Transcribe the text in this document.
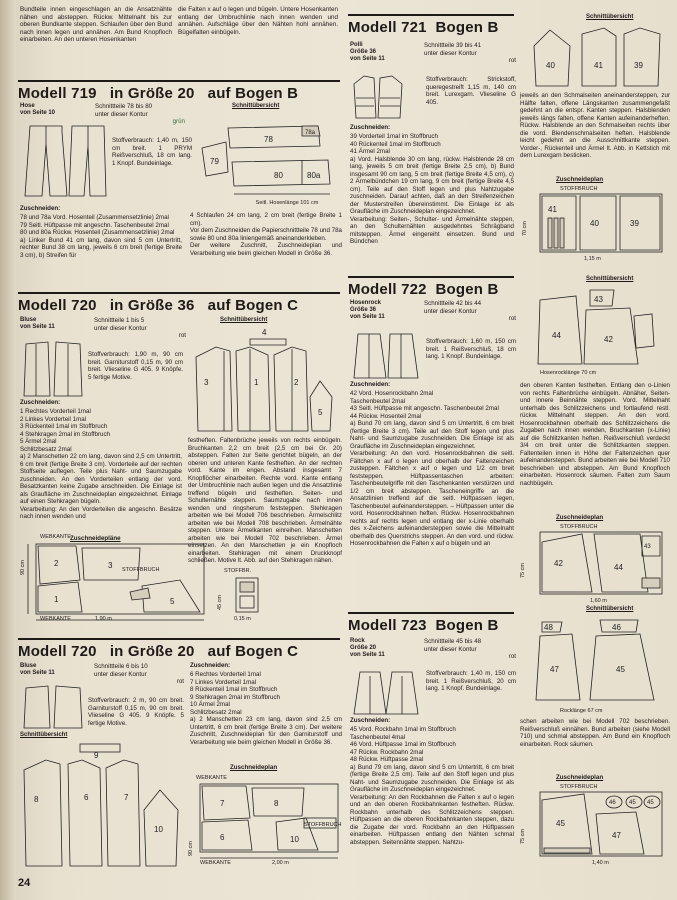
Bundteile innen eingeschlagen an die Ansatznähte nähen und absteppen. Rückw. Mittelnaht bis zur oberen Bundkante steppen. Schlaufen über den Bund nach innen legen und annähen. Am Bund Knopfloch einarbeiten. An den unteren Hosenkanten

die Falten x auf o legen und bügeln. Untere Hosenkanten entlang der Umbruchlinie nach innen wenden und annähen. Aufschläge über den Nähten hohl annähen. Bügelfalten einbügeln.

Modell 719 in Größe 20 auf Bogen B
Hose
von Seite 10
Schnittteile 78 bis 80
unter dieser Kontur
grün
Schnittübersicht

Stoffverbrauch: 1,40 m, 150 cm breit. 1 PRYM Reißverschluß, 18 cm lang. 1 Knopf. Bundeinlage.	79
78
78a
80	80a
Seitl. Hosenlänge 101 cm

Zuschneiden:

78 und 78a Vord. Hosenteil (Zusammensetzlinie) 2mal
79 Seitl. Hüftpasse mit angeschn. Taschenbeutel 2mal
80 und 80a Rückw. Hosenteil (Zusammensetzlinie) 2mal
a) Linker Bund 41 cm lang, davon sind 5 cm Untertritt, rechter Bund 38 cm lang, jeweils 6 cm breit (fertige Breite 3 cm), b) Streifen für

4 Schlaufen 24 cm lang, 2 cm breit (fertige Breite 1 cm).
Vor dem Zuschneiden die Papierschnittteile 78 und 78a sowie 80 und 80a liniengemäß aneinanderkleben.
Der weitere Zuschnitt, Zuschneideplan und Verarbeitung wie beim gleichen Modell in Größe 36.

Modell 720 in Größe 36 auf Bogen C
Bluse
von Seite 11
Schnittteile 1 bis 5
unter dieser Kontur
rot
Schnittübersicht

Stoffverbrauch: 1,90 m, 90 cm breit. Garniturstoff 0,15 m, 90 cm breit. Vlieseline G 405. 9 Knöpfe. 5 fertige Motive.

4
3	1	2
5

Zuschneiden:

1 Rechtes Vorderteil 1mal
2 Linkes Vorderteil 1mal
3 Rückenteil 1mal im Stoffbruch
4 Stehkragen 2mal im Stoffbruch
5 Ärmel 2mal
Schlitzbesatz 2mal
a) 2 Manschetten 22 cm lang, davon sind 2,5 cm Untertritt, 6 cm breit (fertige Breite 3 cm). Vorderteile auf der rechten Stoffseite auflegen. Teile plus Naht- und Saumzugabe zuschneiden. An den Vorderteilen entlang der vord. Besatzkanten keine Zugabe anschneiden. Die Einlage ist als Graufläche im Zuschneideplan eingezeichnet. Einlage auf einen Stehkragen bügeln.
Verarbeitung: An den Vorderteilen die angeschn. Besätze nach innen wenden und

festheften. Faltenbrüche jeweils von rechts einbügeln. Bruchkanten 2,2 cm breit (2,5 cm bei Gr. 20) absteppen. Falten zur Seite gerichtet bügeln, an der oberen und unteren Kante festheften. An der rechten vord. Kante im engen. Abstand insgesamt 7 Knopflöcher einarbeiten. Rechte vord. Kante entlang der Umbruchlinie nach außen legen und die Ansatzlinie treffend bügeln und festheften. Seiten- und Schulternähte steppen. Saumzugabe nach innen wenden und ringsherum feststeppen. Stehkragen arbeiten wie bei Modell 706 beschrieben. Ärmelschlitz arbeiten wie bei Modell 708 beschrieben. Ärmelnähte steppen. Untere Ärmelkanten einreihen. Manschetten arbeiten wie bei Modell 702 beschrieben. Ärmel einsetzen. An den Manschetten je ein Knopfloch einarbeiten. Stehkragen mit einem Druckknopf schließen. Motive lt. Abb. auf den Stehkragen nähen.

Zuschneidepläne
WEBKANTE
2
1
3
5
STOFFBRUCH
90 cm
WEBKANTE	1,90 m
STOFFBR.
45 cm
0,15 m
Modell 720 in Größe 20 auf Bogen C
Bluse
von Seite 11
Schnittteile 6 bis 10
unter dieser Kontur
rot

Stoffverbrauch: 2 m, 90 cm breit. Garniturstoff 0,15 m, 90 cm breit. Vlieseline G 405. 9 Knöpfe. 5 fertige Motive.

Schnittübersicht
8	6	7
10
9

Zuschneiden:

6 Rechtes Vorderteil 1mal
7 Linkes Vorderteil 1mal
8 Rückenteil 1mal im Stoffbruch
9 Stehkragen 2mal im Stoffbruch
10 Ärmel 2mal
Schlitzbesatz 2mal
a) 2 Manschetten 23 cm lang, davon sind 2,5 cm Untertritt, 6 cm breit (fertige Breite 3 cm). Der weitere Zuschnitt, Zuschneideplan für den Garniturstoff und Verarbeitung wie beim gleichen Modell in Größe 36.

Zuschneideplan
WEBKANTE
7
6
8
10
STOFFBRUCH
90 cm
WEBKANTE	2,00 m
24
Modell 721 Bogen B
Polli
Größe 36
von Seite 11
Schnittteile 39 bis 41
unter dieser Kontur
rot

Stoffverbrauch: Strickstoff, queregestreift 1,15 m, 140 cm breit. Lurexgarn. Vlieseline G 405.

Zuschneiden:

39 Vorderteil 1mal im Stoffbruch
40 Rückenteil 1mal im Stoffbruch
41 Ärmel 2mal
a) Vord. Halsblende 30 cm lang, rückw. Halsblende 28 cm lang, jeweils 5 cm breit (fertige Breite 2,5 cm), b) Bund insgesamt 90 cm lang, 5 cm breit (fertige Breite 4,5 cm), c) 2 Ärmelbündchen 19 cm lang, 9 cm breit (fertige Breite 4,5 cm). Teile auf den Stoff legen und plus Nahtzugabe zuschneiden. Darauf achten, daß an den Streifenzeichen der Musterstreifen übereinstimmt. Die Einlage ist als Graufläche im Zuschneideplan eingezeichnet.
Verarbeitung: Seiten-, Schulter- und Ärmelnähte steppen, an den Schulternähten ausgedehntes Schrägband mitsteppen. Ärmel eingereiht einsetzen. Bund und Bündchen

Schnittübersicht
40	41	39

jeweils an den Schmalseiten aneinandersteppen, zur Hälfte falten, offene Längskanten zusammengefaßt gedehnt an die entspr. Kanten steppen. Halsblenden jeweils längs falten, offene Kanten aufeinanderheften. Rückw. Halsblende an den Schmalseiten rechts über die vord. Blendenschmalseiten heften. Halsblende leicht gedehnt an die Ausschnittkante steppen. Vorder-, Rückenteil und Ärmel lt. Abb. in Kettstich mit dem Lurexgarn besticken.

Zuschneideplan
STOFFBRUCH
41
40	39
70 cm
1,15 m
Modell 722 Bogen B
Hosenrock
Größe 36
von Seite 11
Schnittteile 42 bis 44
unter dieser Kontur
rot

Stoffverbrauch: 1,60 m, 150 cm breit. 1 Reißverschluß, 18 cm lang. 1 Knopf. Bundeinlage.

Zuschneiden:

42 Vord. Hosenrockbahn 2mal
Taschenbeutel 2mal
43 Seitl. Hüftpasse mit angeschn. Taschenbeutel 2mal
44 Rückw. Hosenteil 2mal
a) Bund 70 cm lang, davon sind 5 cm Untertritt, 6 cm breit (fertige Breite 3 cm). Teile auf den Stoff legen und plus Naht- und Saumzugabe zuschneiden. Die Einlage ist als Graufläche im Zuschneideplan eingezeichnet.
Verarbeitung: An den vord. Hosenrockbahnen die seitl. Fältchen x auf o legen und oberhalb der Faltenzeichen zusteppen. Fältchen x auf o legen und 1/2 cm breit feststeppen. Hüftpassentaschen arbeiten: Taschenbeutelgriffe mit den Taschenkanten verstürzen und 1/2 cm breit absteppen. Tascheneingriffe an die Ansatzlinien treffend auf die seitl. Hüftpassen legen, Taschenbeutel aufeinandersteppen. – Hüftpassen unter die vord. Hosenrockbahnen heften. Rückw. Hosenrockbahnen rechts auf rechts legen und entlang der x-Linie oberhalb des x-Zeichens aufeinandersteppen sowie die Mittelnaht oberhalb des Querstrichs steppen. An den vord. und rückw. Hosenrockbahnen die Falten x auf o bügeln und an

Schnittübersicht
44
43
42
Hosenrocklänge 70 cm

den oberen Kanten festheften. Entlang den o-Linien von rechts Faltenbrüche einbügeln. Abnäher, Seiten- und innere Beinnähte steppen. Vord. Mittelnaht unterhalb des Schlitzzeichens und fortlaufend restl. rückw. Mittelnaht steppen. An den vord. Hosenrockbahnen oberhalb des Schlitzzeichens die Zugaben nach innen wenden, Bruchkanten (x-Linie) auf die Schlitzkanten heften. Reißverschluß verdeckt 3/4 cm breit unter die Schlitzkanten steppen. Faltenteilen innen in Höhe der Faltenzeichen quer aufeinandersteppen. Bund arbeiten wie bei Modell 710 beschrieben und absteppen. Am Bund Knopfloch einarbeiten. Hosenrock säumen. Falten zum Saum nachbügeln.

Zuschneideplan
STOFFBRUCH
42	44
43
75 cm
1,60 m
Modell 723 Bogen B
Rock
Größe 20
von Seite 11
Schnittteile 45 bis 48
unter dieser Kontur
rot

Stoffverbrauch: 1,40 m, 150 cm breit. 1 Reißverschluß, 20 cm lang. 1 Knopf. Bundeinlage.

Zuschneiden:

45 Vord. Rockbahn 1mal im Stoffbruch
Taschenbeutel 4mal
46 Vord. Hüftpasse 1mal im Stoffbruch
47 Rückw. Rockbahn 2mal
48 Rückw. Hüftpasse 2mal
a) Bund 79 cm lang, davon sind 5 cm Untertritt, 6 cm breit (fertige Breite 2,5 cm). Teile auf den Stoff legen und plus Naht- und Saumzugabe zuschneiden. Die Einlage ist als Graufläche im Zuschneideplan eingezeichnet.
Verarbeitung: An den Rockbahnen die Falten x auf o legen und an den oberen Rockbahnkanten festheften. Rückw. Rockbahn unterhalb des Schlitzzeichens steppen. Hüftpassen an die oberen Rockbahnkanten steppen, dazu die Zugabe der vord. Rockbahn an den Hüftpassen einarbeiten. Hüftpassen entlang den Nähten schmal absteppen. Seitennähte steppen. Nahtzu-

Schnittübersicht
48
47
46
45
Rocklänge 67 cm

schen arbeiten wie bei Modell 702 beschrieben. Reißverschluß einnähen. Bund arbeiten (siehe Modell 710) und schmal absteppen. Am Bund ein Knopfloch einarbeiten. Rock säumen.

Zuschneideplan
STOFFBRUCH
45
47
46 45 45
75 cm
1,40 m
